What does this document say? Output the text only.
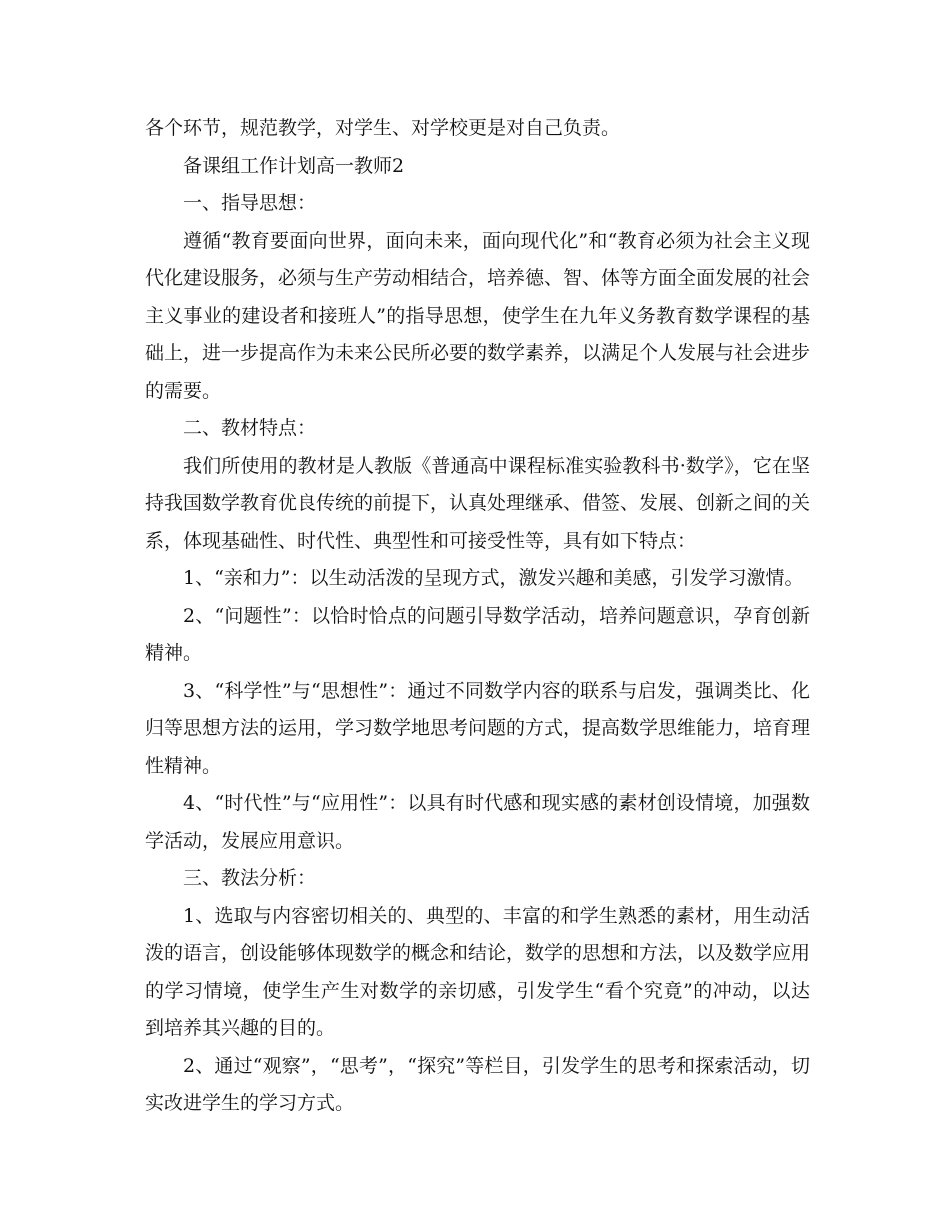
各个环节，规范教学，对学生、对学校更是对自己负责。

备课组工作计划高一教师2

一、指导思想：

遵循“教育要面向世界，面向未来，面向现代化”和“教育必须为社会主义现代化建设服务，必须与生产劳动相结合，培养德、智、体等方面全面发展的社会主义事业的建设者和接班人”的指导思想，使学生在九年义务教育数学课程的基础上，进一步提高作为未来公民所必要的数学素养，以满足个人发展与社会进步的需要。

二、教材特点：

我们所使用的教材是人教版《普通高中课程标准实验教科书·数学》，它在坚持我国数学教育优良传统的前提下，认真处理继承、借签、发展、创新之间的关系，体现基础性、时代性、典型性和可接受性等，具有如下特点：

1、“亲和力”：以生动活泼的呈现方式，激发兴趣和美感，引发学习激情。

2、“问题性”：以恰时恰点的问题引导数学活动，培养问题意识，孕育创新精神。

3、“科学性”与“思想性”：通过不同数学内容的联系与启发，强调类比、化归等思想方法的运用，学习数学地思考问题的方式，提高数学思维能力，培育理性精神。

4、“时代性”与“应用性”：以具有时代感和现实感的素材创设情境，加强数学活动，发展应用意识。

三、教法分析：

1、选取与内容密切相关的、典型的、丰富的和学生熟悉的素材，用生动活泼的语言，创设能够体现数学的概念和结论，数学的思想和方法，以及数学应用的学习情境，使学生产生对数学的亲切感，引发学生“看个究竟”的冲动，以达到培养其兴趣的目的。

2、通过“观察”，“思考”，“探究”等栏目，引发学生的思考和探索活动，切实改进学生的学习方式。
